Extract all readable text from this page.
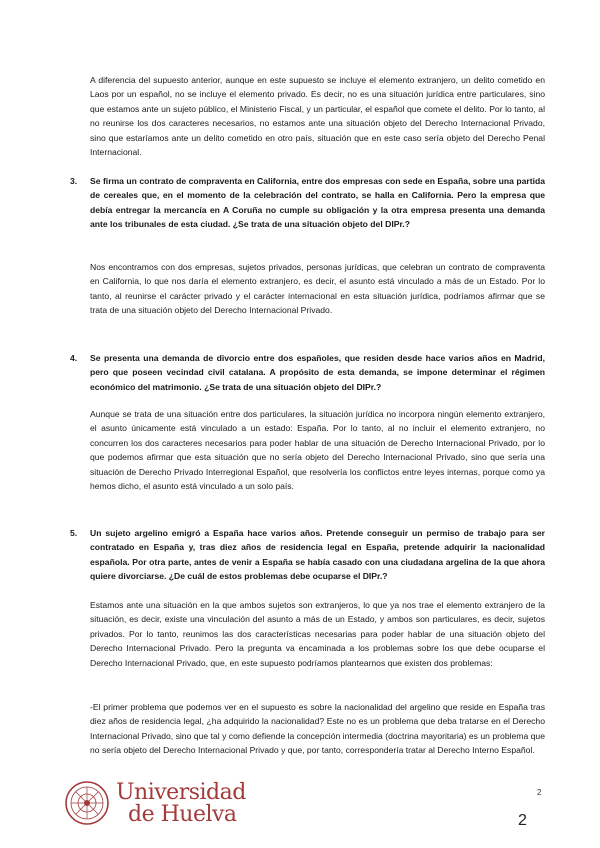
A diferencia del supuesto anterior, aunque en este supuesto se incluye el elemento extranjero, un delito cometido en Laos por un español, no se incluye el elemento privado. Es decir, no es una situación jurídica entre particulares, sino que estamos ante un sujeto público, el Ministerio Fiscal, y un particular, el español que comete el delito. Por lo tanto, al no reunirse los dos caracteres necesarios, no estamos ante una situación objeto del Derecho Internacional Privado, sino que estaríamos ante un delito cometido en otro país, situación que en este caso sería objeto del Derecho Penal Internacional.

3. Se firma un contrato de compraventa en California, entre dos empresas con sede en España, sobre una partida de cereales que, en el momento de la celebración del contrato, se halla en California. Pero la empresa que debía entregar la mercancía en A Coruña no cumple su obligación y la otra empresa presenta una demanda ante los tribunales de esta ciudad. ¿Se trata de una situación objeto del DIPr.?

Nos encontramos con dos empresas, sujetos privados, personas jurídicas, que celebran un contrato de compraventa en California, lo que nos daría el elemento extranjero, es decir, el asunto está vinculado a más de un Estado. Por lo tanto, al reunirse el carácter privado y el carácter internacional en esta situación jurídica, podríamos afirmar que se trata de una situación objeto del Derecho Internacional Privado.

4. Se presenta una demanda de divorcio entre dos españoles, que residen desde hace varios años en Madrid, pero que poseen vecindad civil catalana. A propósito de esta demanda, se impone determinar el régimen económico del matrimonio. ¿Se trata de una situación objeto del DIPr.?

Aunque se trata de una situación entre dos particulares, la situación jurídica no incorpora ningún elemento extranjero, el asunto únicamente está vinculado a un estado: España. Por lo tanto, al no incluir el elemento extranjero, no concurren los dos caracteres necesarios para poder hablar de una situación de Derecho Internacional Privado, por lo que podemos afirmar que esta situación que no sería objeto del Derecho Internacional Privado, sino que sería una situación de Derecho Privado Interregional Español, que resolvería los conflictos entre leyes internas, porque como ya hemos dicho, el asunto está vinculado a un solo país.

5. Un sujeto argelino emigró a España hace varios años. Pretende conseguir un permiso de trabajo para ser contratado en España y, tras diez años de residencia legal en España, pretende adquirir la nacionalidad española. Por otra parte, antes de venir a España se había casado con una ciudadana argelina de la que ahora quiere divorciarse. ¿De cuál de estos problemas debe ocuparse el DIPr.?

Estamos ante una situación en la que ambos sujetos son extranjeros, lo que ya nos trae el elemento extranjero de la situación, es decir, existe una vinculación del asunto a más de un Estado, y ambos son particulares, es decir, sujetos privados. Por lo tanto, reunimos las dos características necesarias para poder hablar de una situación objeto del Derecho Internacional Privado. Pero la pregunta va encaminada a los problemas sobre los que debe ocuparse el Derecho Internacional Privado, que, en este supuesto podríamos plantearnos que existen dos problemas:

-El primer problema que podemos ver en el supuesto es sobre la nacionalidad del argelino que reside en España tras diez años de residencia legal, ¿ha adquirido la nacionalidad? Este no es un problema que deba tratarse en el Derecho Internacional Privado, sino que tal y como defiende la concepción intermedia (doctrina mayoritaria) es un problema que no sería objeto del Derecho Internacional Privado y que, por tanto, correspondería tratar al Derecho Interno Español.

Universidad
de Huelva
2
2
